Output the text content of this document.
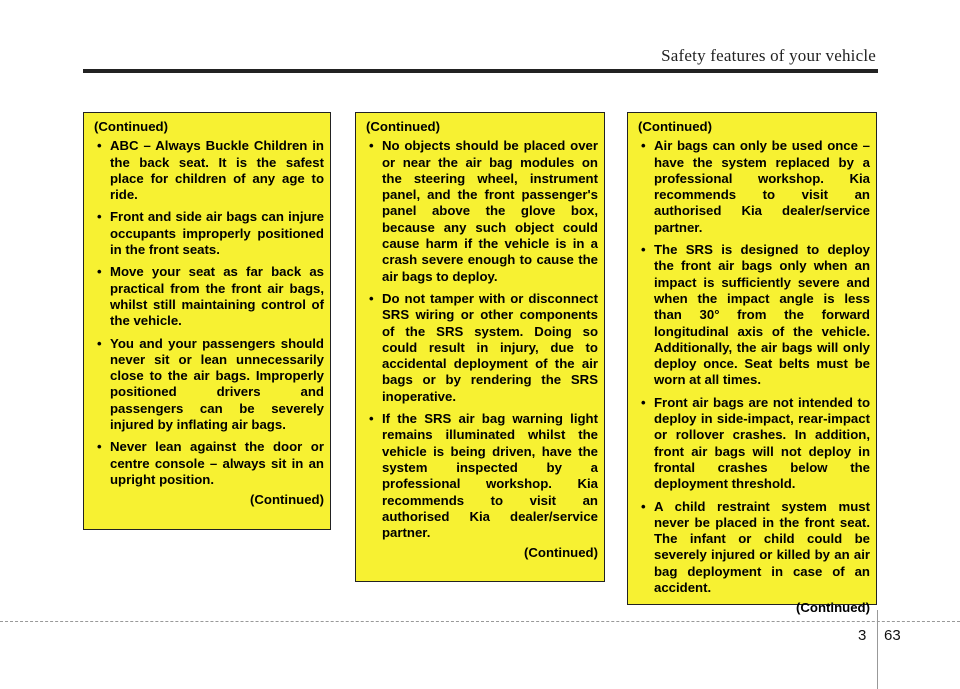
Safety features of your vehicle

(Continued)

• ABC – Always Buckle Children in the back seat. It is the safest place for children of any age to ride.
• Front and side air bags can injure occupants improperly positioned in the front seats.
• Move your seat as far back as practical from the front air bags, whilst still maintaining control of the vehicle.
• You and your passengers should never sit or lean unnecessarily close to the air bags. Improperly positioned drivers and passengers can be severely injured by inflating air bags.
• Never lean against the door or centre console – always sit in an upright position.

(Continued)

(Continued)

• No objects should be placed over or near the air bag modules on the steering wheel, instrument panel, and the front passenger's panel above the glove box, because any such object could cause harm if the vehicle is in a crash severe enough to cause the air bags to deploy.
• Do not tamper with or disconnect SRS wiring or other components of the SRS system. Doing so could result in injury, due to accidental deployment of the air bags or by rendering the SRS inoperative.
• If the SRS air bag warning light remains illuminated whilst the vehicle is being driven, have the system inspected by a professional workshop. Kia recommends to visit an authorised Kia dealer/service partner.

(Continued)

(Continued)

• Air bags can only be used once – have the system replaced by a professional workshop. Kia recommends to visit an authorised Kia dealer/service partner.
• The SRS is designed to deploy the front air bags only when an impact is sufficiently severe and when the impact angle is less than 30° from the forward longitudinal axis of the vehicle. Additionally, the air bags will only deploy once. Seat belts must be worn at all times.
• Front air bags are not intended to deploy in side-impact, rear-impact or rollover crashes. In addition, front air bags will not deploy in frontal crashes below the deployment threshold.
• A child restraint system must never be placed in the front seat. The infant or child could be severely injured or killed by an air bag deployment in case of an accident.

(Continued)

3 63
